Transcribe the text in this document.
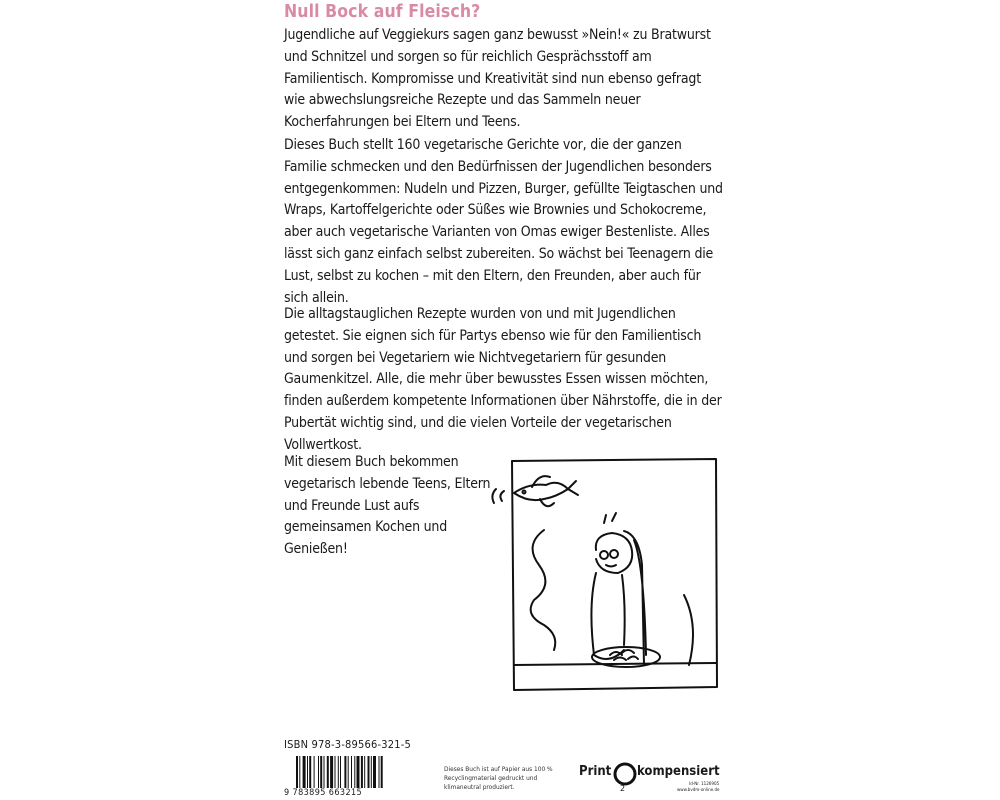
Null Bock auf Fleisch?

Jugendliche auf Veggiekurs sagen ganz bewusst »Nein!« zu Bratwurst und Schnitzel und sorgen so für reichlich Gesprächsstoff am Familientisch. Kompromisse und Kreativität sind nun ebenso gefragt wie abwechslungsreiche Rezepte und das Sammeln neuer Kocherfahrungen bei Eltern und Teens.

Dieses Buch stellt 160 vegetarische Gerichte vor, die der ganzen Familie schmecken und den Bedürfnissen der Jugendlichen besonders entgegenkommen: Nudeln und Pizzen, Burger, gefüllte Teigtaschen und Wraps, Kartoffelgerichte oder Süßes wie Brownies und Schokocreme, aber auch vegetarische Varianten von Omas ewiger Bestenliste. Alles lässt sich ganz einfach selbst zubereiten. So wächst bei Teenagern die Lust, selbst zu kochen – mit den Eltern, den Freunden, aber auch für sich allein.

Die alltagstauglichen Rezepte wurden von und mit Jugendlichen getestet. Sie eignen sich für Partys ebenso wie für den Familientisch und sorgen bei Vegetariern wie Nichtvegetariern für gesunden Gaumenkitzel. Alle, die mehr über bewusstes Essen wissen möchten, finden außerdem kompetente Informationen über Nährstoffe, die in der Pubertät wichtig sind, und die vielen Vorteile der vegetarischen Vollwertkost.

Mit diesem Buch bekommen vegetarisch lebende Teens, Eltern und Freunde Lust aufs gemeinsamen Kochen und Genießen!

ISBN 978-3-89566-321-5
9 783895 663215
Dieses Buch ist auf Papier aus 100 % Recyclingmaterial gedruckt und klimaneutral produziert.
Print
2
kompensiert
Id-Nr. 1126905
www.bvdm-online.de
